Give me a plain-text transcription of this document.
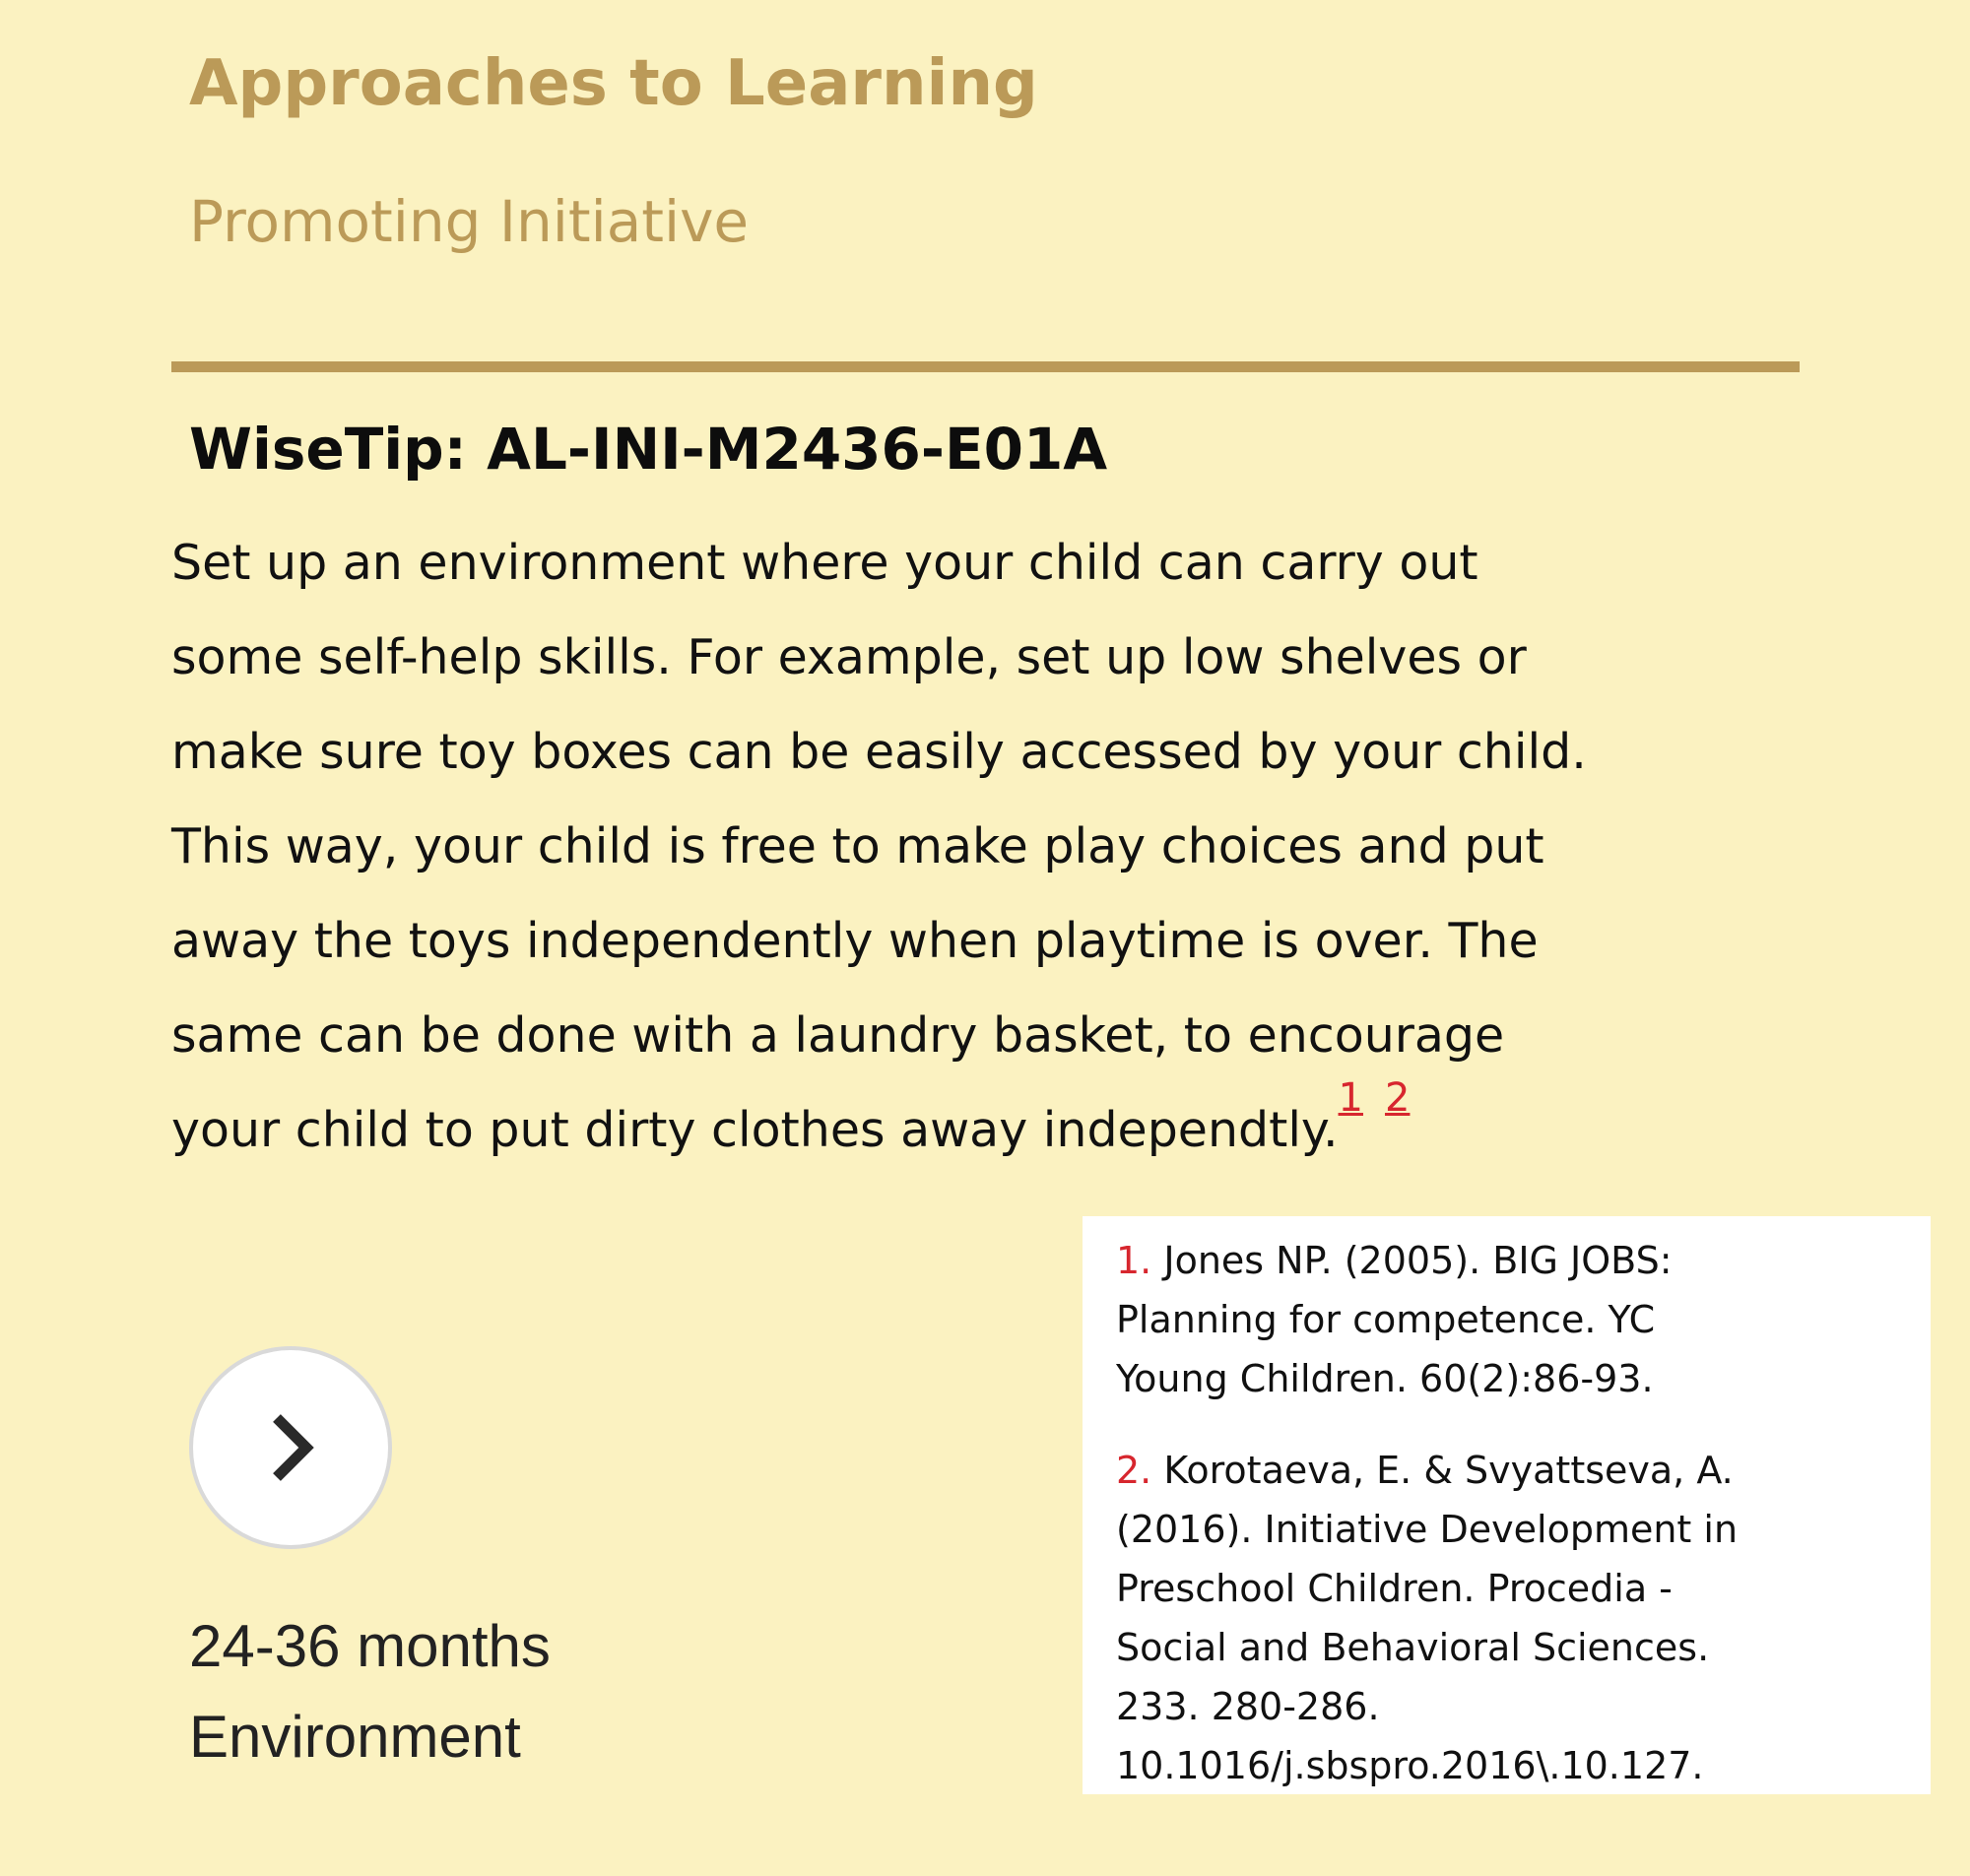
Approaches to Learning
Promoting Initiative
WiseTip: AL-INI-M2436-E01A
Set up an environment where your child can carry out
some self-help skills. For example, set up low shelves or
make sure toy boxes can be easily accessed by your child.
This way, your child is free to make play choices and put
away the toys independently when playtime is over. The
same can be done with a laundry basket, to encourage
your child to put dirty clothes away independtly.1 2
24-36 months
Environment
1. Jones NP. (2005). BIG JOBS:
Planning for competence. YC
Young Children. 60(2):86-93.
2. Korotaeva, E. & Svyattseva, A.
(2016). Initiative Development in
Preschool Children. Procedia -
Social and Behavioral Sciences.
233. 280-286.
10.1016/j.sbspro.2016\.10.127.
